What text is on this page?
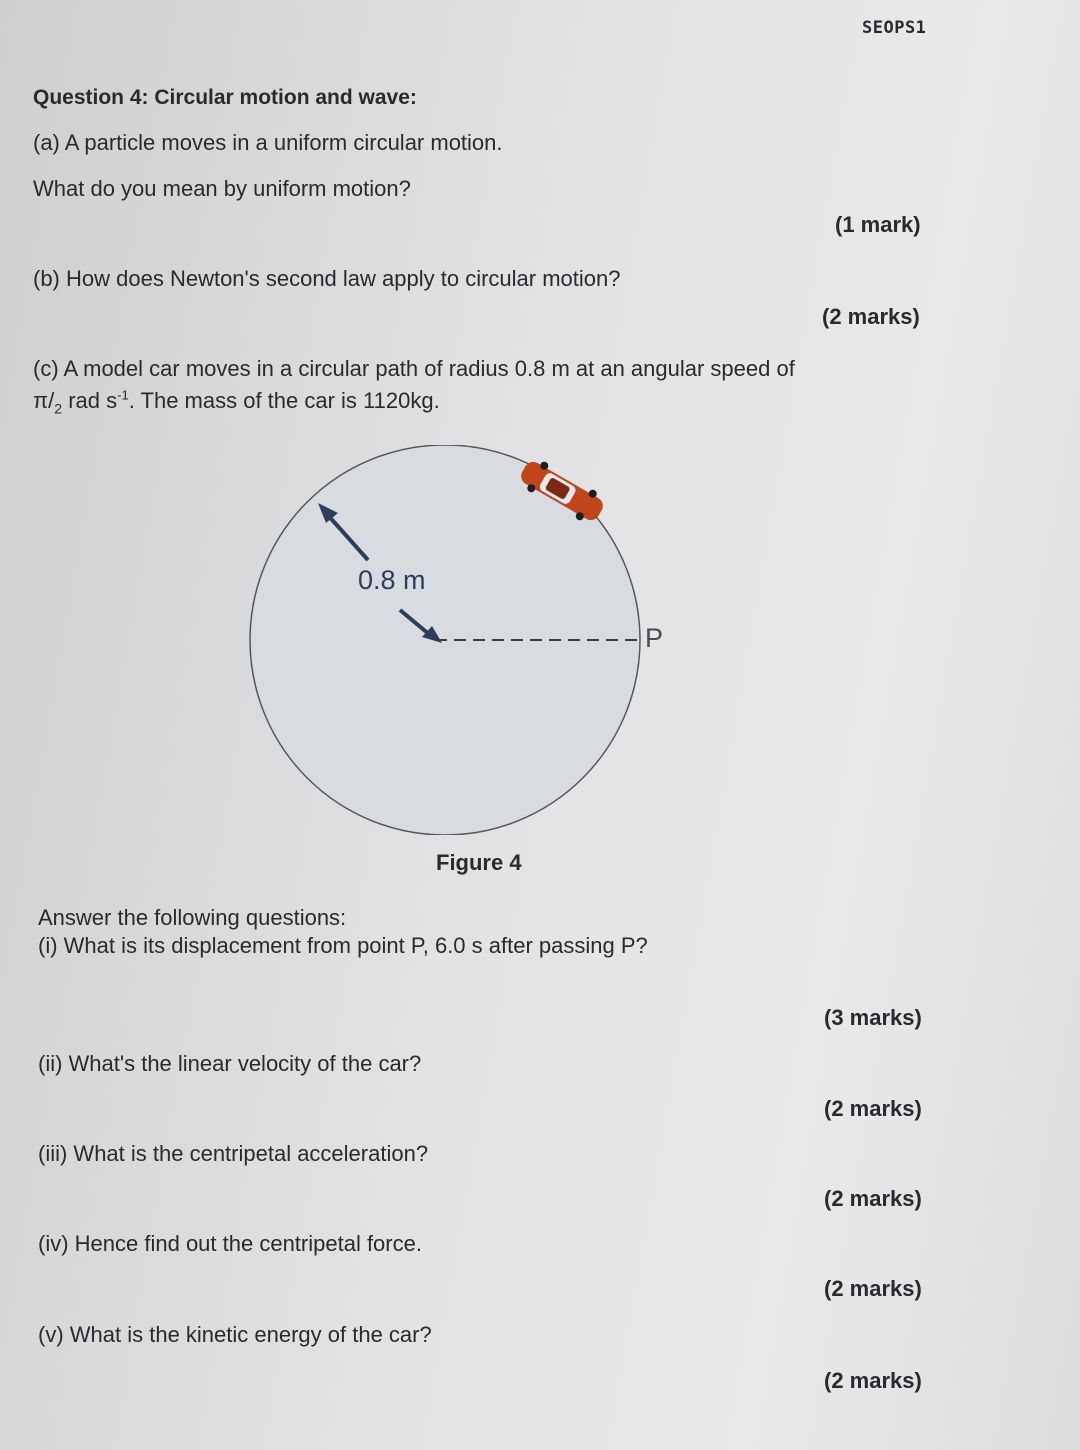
SEOPS1
Question 4: Circular motion and wave:
(a) A particle moves in a uniform circular motion.
What do you mean by uniform motion?
(1 mark)
(b) How does Newton's second law apply to circular motion?
(2 marks)
(c) A model car moves in a circular path of radius 0.8 m at an angular speed of
$\pi/_2$ rad $s^{-1}$. The mass of the car is 1120kg.
0.8 m
P
Figure 4
Answer the following questions:
(i) What is its displacement from point P, 6.0 s after passing P?
(3 marks)
(ii) What's the linear velocity of the car?
(2 marks)
(iii) What is the centripetal acceleration?
(2 marks)
(iv) Hence find out the centripetal force.
(2 marks)
(v) What is the kinetic energy of the car?
(2 marks)
